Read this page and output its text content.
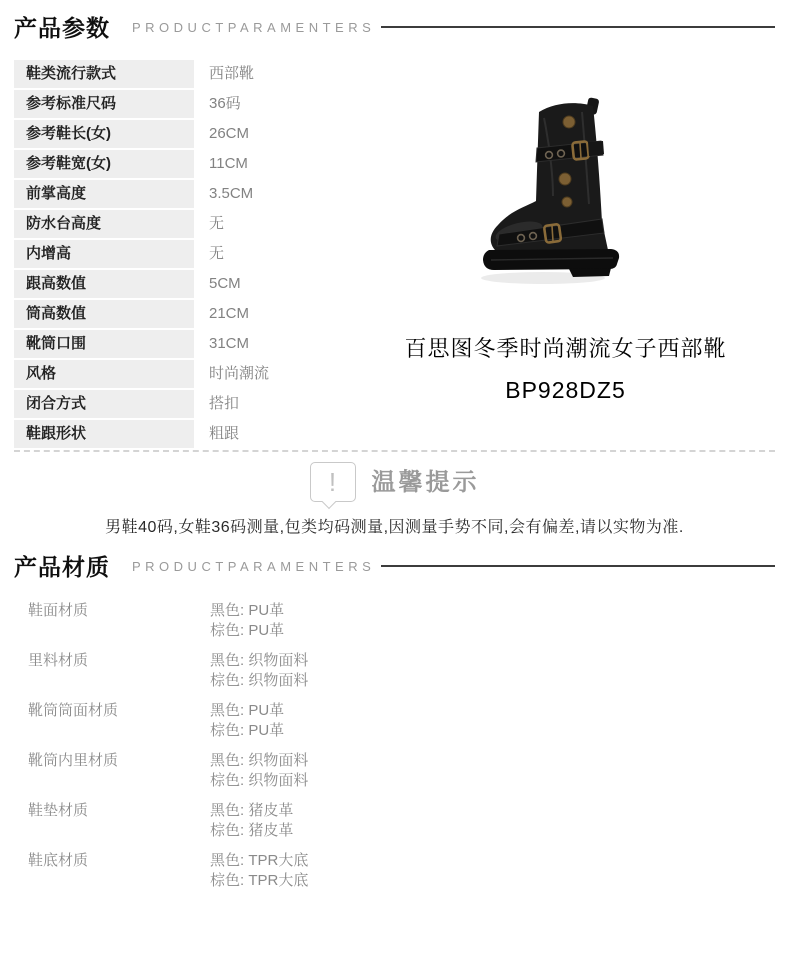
产品参数 PRODUCTPARAMENTERS
鞋类流行款式	西部靴
参考标准尺码	36码
参考鞋长(女)	26CM
参考鞋宽(女)	11CM
前掌高度	3.5CM
防水台高度	无
内增高	无
跟高数值	5CM
筒高数值	21CM
靴筒口围	31CM
风格	时尚潮流
闭合方式	搭扣
鞋跟形状	粗跟
百思图冬季时尚潮流女子西部靴
BP928DZ5
!	温馨提示
男鞋40码,女鞋36码测量,包类均码测量,因测量手势不同,会有偏差,请以实物为准.
产品材质 PRODUCTPARAMENTERS
鞋面材质	黑色: PU革
棕色: PU革
里料材质	黑色: 织物面料
棕色: 织物面料
靴筒筒面材质	黑色: PU革
棕色: PU革
靴筒内里材质	黑色: 织物面料
棕色: 织物面料
鞋垫材质	黑色: 猪皮革
棕色: 猪皮革
鞋底材质	黑色: TPR大底
棕色: TPR大底
